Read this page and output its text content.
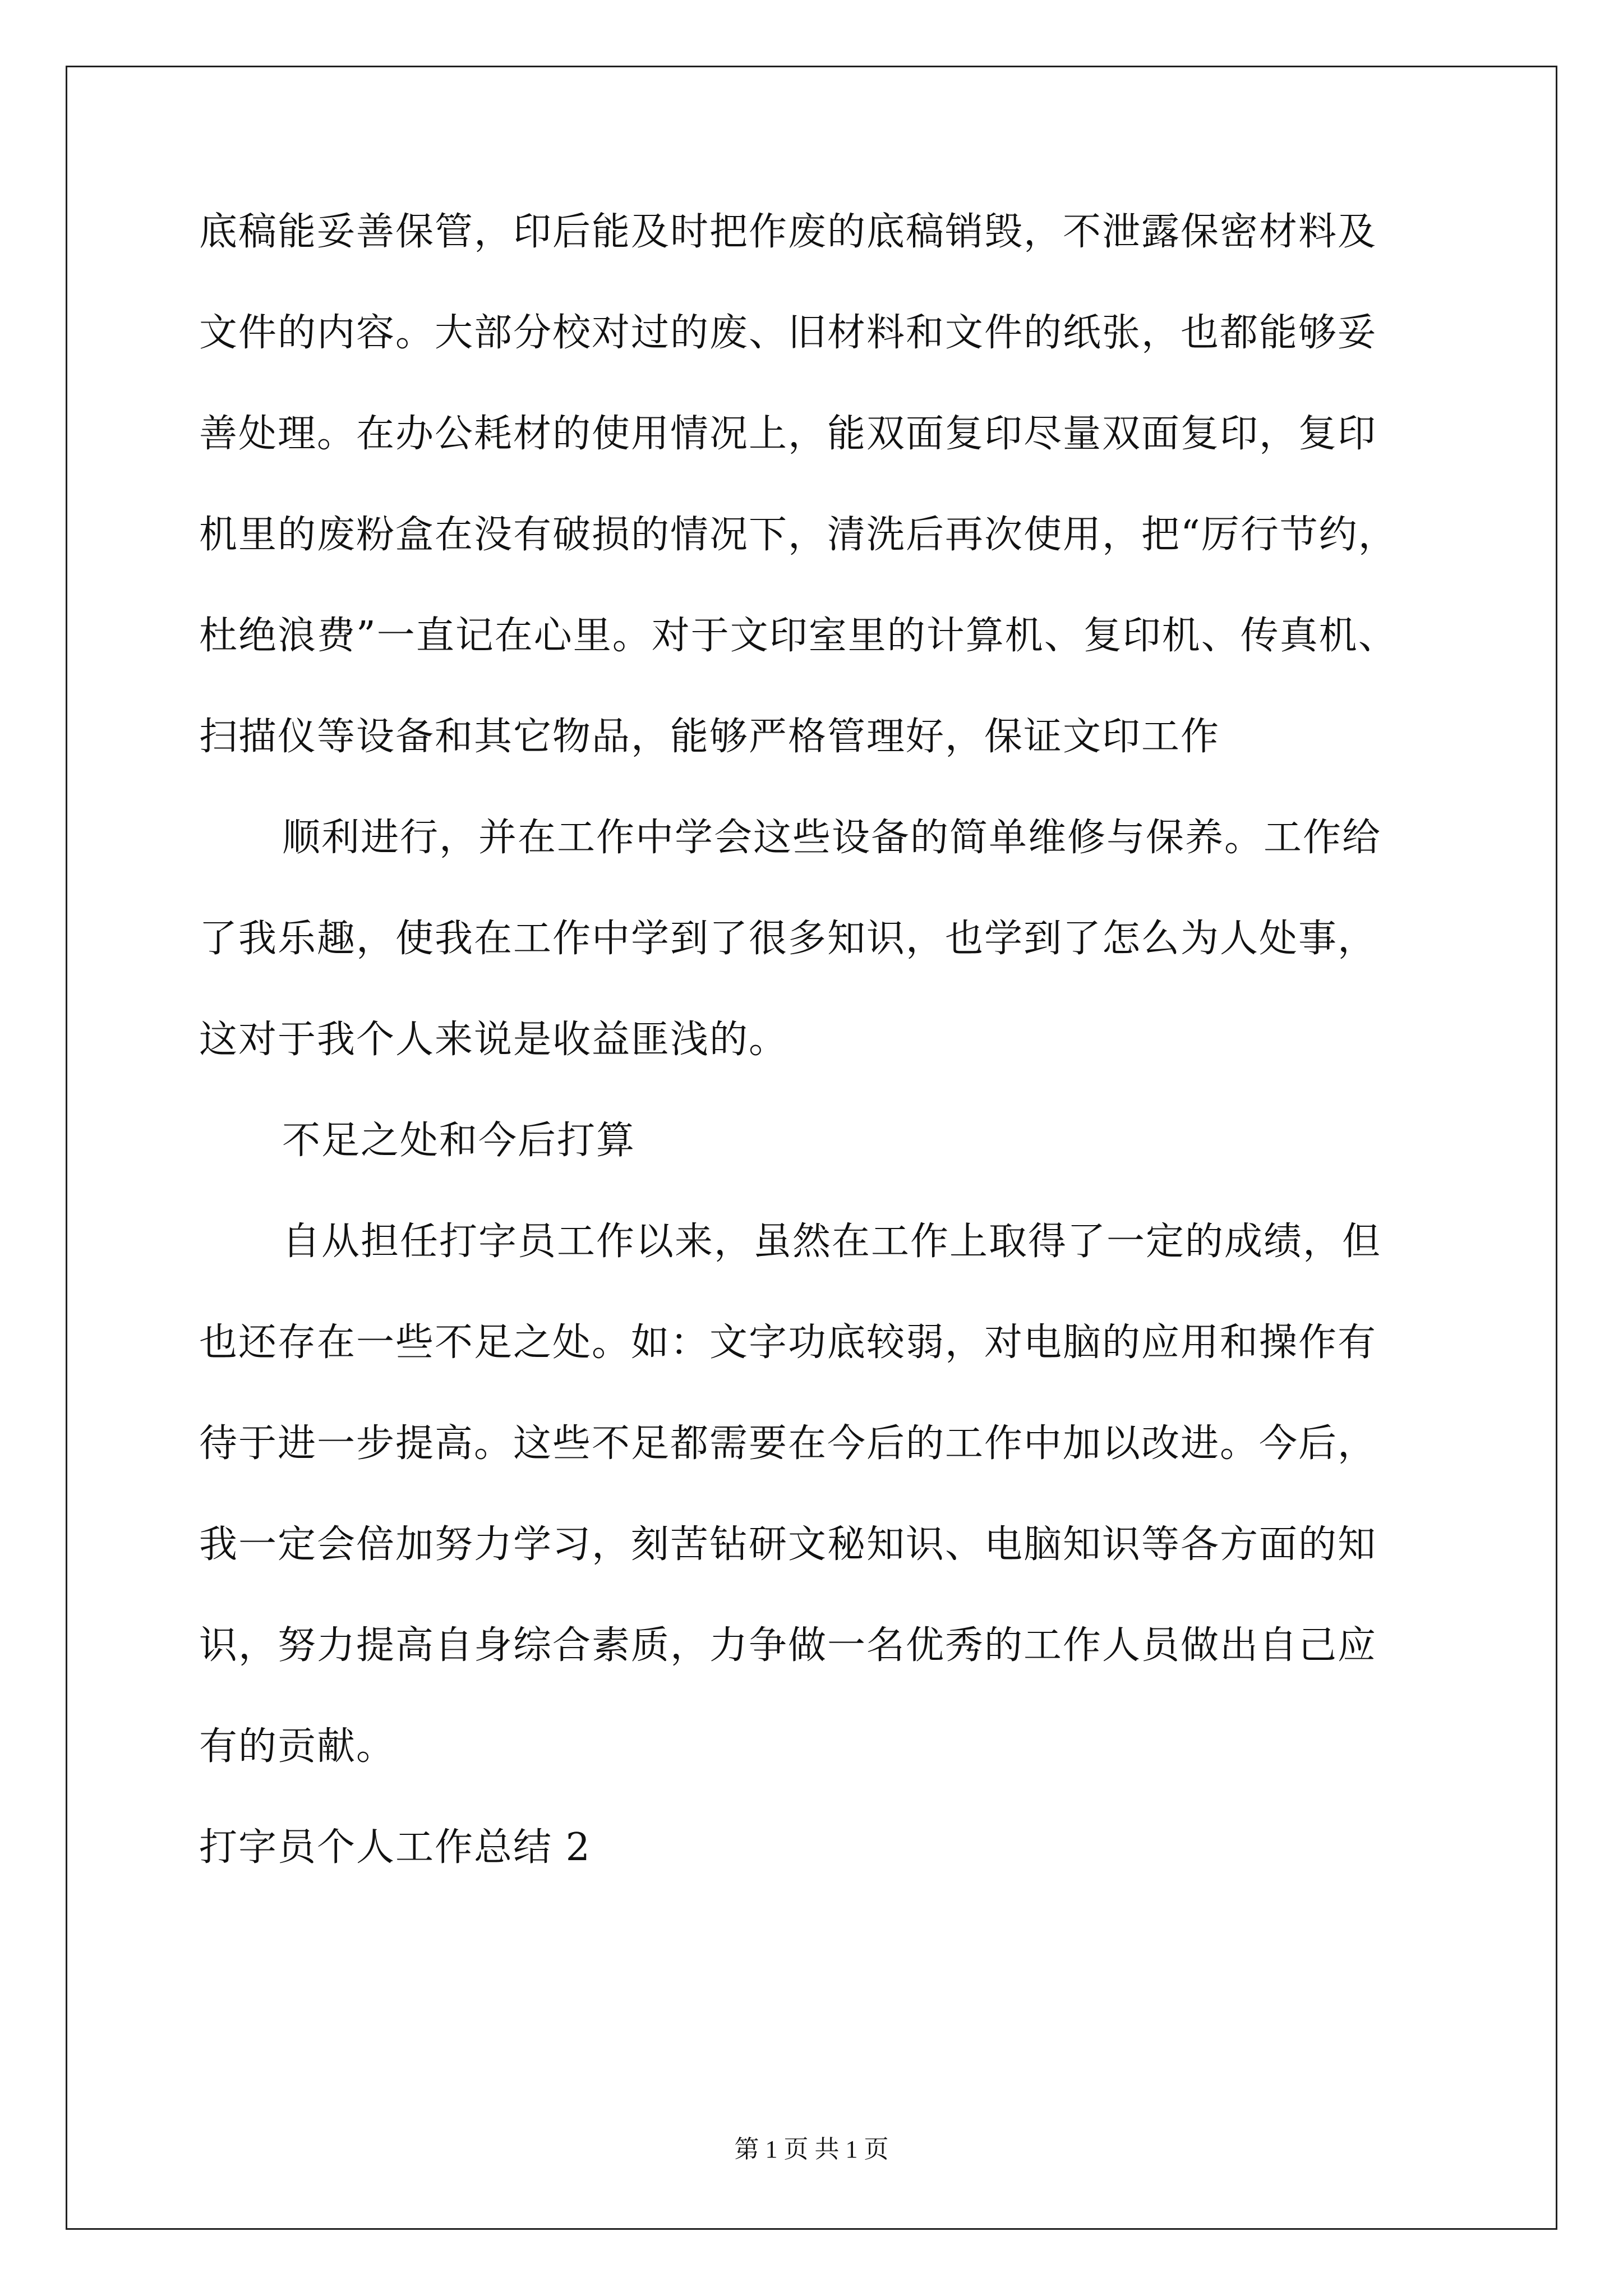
底稿能妥善保管，印后能及时把作废的底稿销毁，不泄露保密材料及
文件的内容。大部分校对过的废、旧材料和文件的纸张，也都能够妥
善处理。在办公耗材的使用情况上，能双面复印尽量双面复印，复印
机里的废粉盒在没有破损的情况下，清洗后再次使用，把“厉行节约，
杜绝浪费”一直记在心里。对于文印室里的计算机、复印机、传真机、
扫描仪等设备和其它物品，能够严格管理好，保证文印工作
顺利进行，并在工作中学会这些设备的简单维修与保养。工作给
了我乐趣，使我在工作中学到了很多知识，也学到了怎么为人处事，
这对于我个人来说是收益匪浅的。
不足之处和今后打算
自从担任打字员工作以来，虽然在工作上取得了一定的成绩，但
也还存在一些不足之处。如：文字功底较弱，对电脑的应用和操作有
待于进一步提高。这些不足都需要在今后的工作中加以改进。今后，
我一定会倍加努力学习，刻苦钻研文秘知识、电脑知识等各方面的知
识，努力提高自身综合素质，力争做一名优秀的工作人员做出自己应
有的贡献。
打字员个人工作总结 2
第 1 页 共 1 页
